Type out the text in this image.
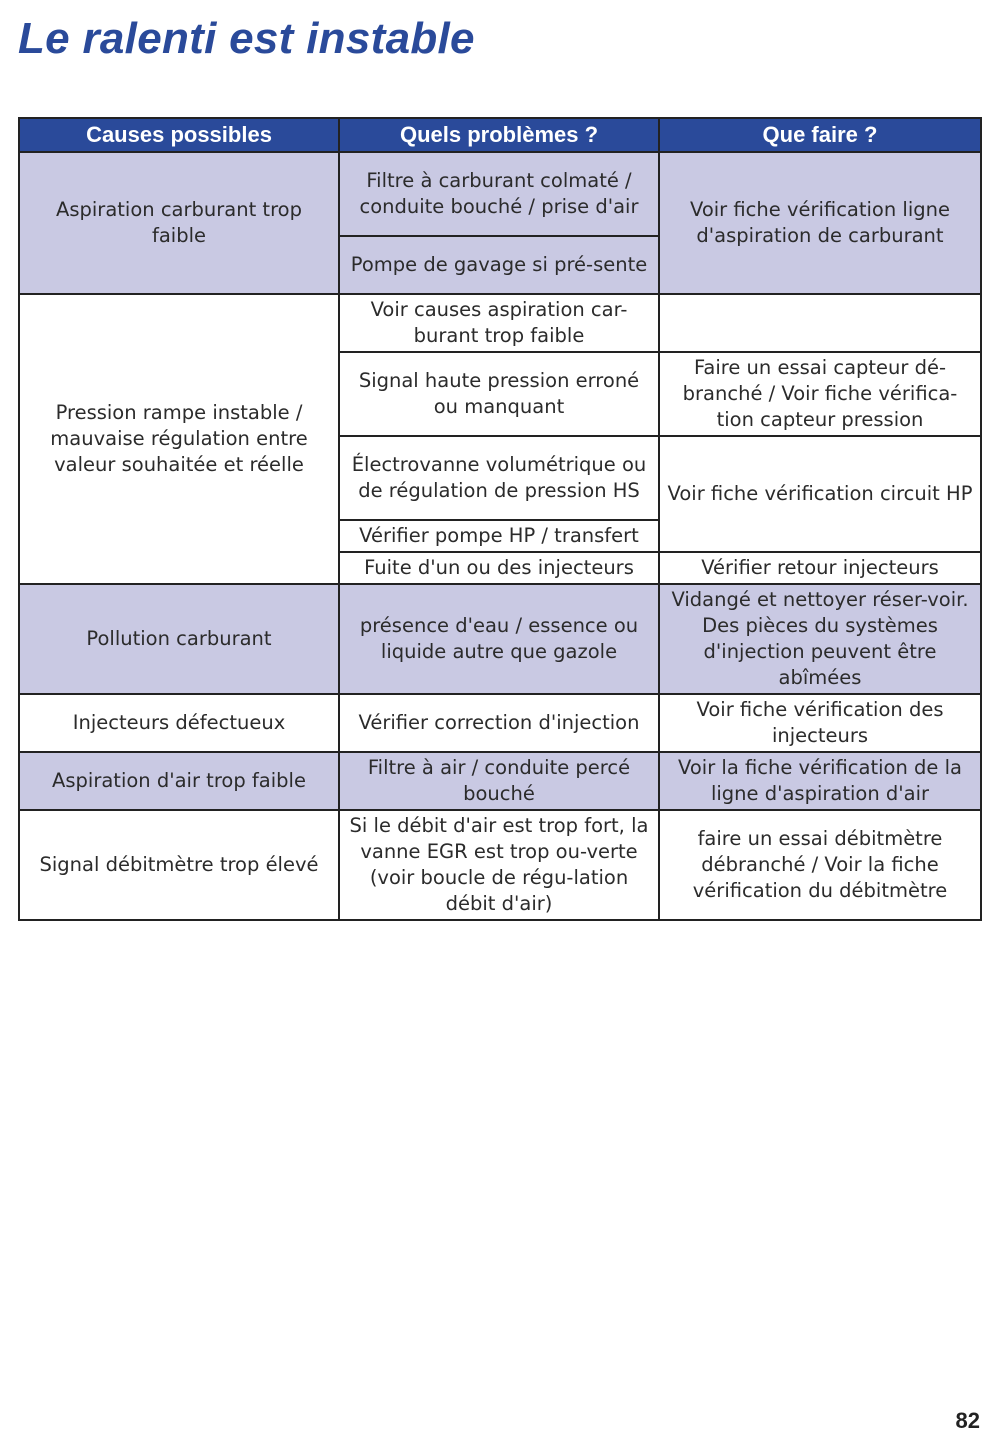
Le ralenti est instable
Causes possibles	Quels problèmes ?	Que faire ?
Aspiration carburant trop faible	Filtre à carburant colmaté / conduite bouché / prise d'air	Voir fiche vérification ligne d'aspiration de carburant
	Pompe de gavage si pré-sente	
Pression rampe instable / mauvaise régulation entre valeur souhaitée et réelle	Voir causes aspiration car-burant trop faible	
	Signal haute pression erroné ou manquant	Faire un essai capteur dé-branché / Voir fiche vérifica-tion capteur pression
	Électrovanne volumétrique ou de régulation de pression HS	Voir fiche vérification circuit HP
	Vérifier pompe HP / transfert	
	Fuite d'un ou des injecteurs	Vérifier retour injecteurs
Pollution carburant	présence d'eau / essence ou liquide autre que gazole	Vidangé et nettoyer réser-voir. Des pièces du systèmes d'injection peuvent être abîmées
Injecteurs défectueux	Vérifier correction d'injection	Voir fiche vérification des injecteurs
Aspiration d'air trop faible	Filtre à air / conduite percé bouché	Voir la fiche vérification de la ligne d'aspiration d'air
Signal débitmètre trop élevé	Si le débit d'air est trop fort, la vanne EGR est trop ou-verte (voir boucle de régu-lation débit d'air)	faire un essai débitmètre débranché / Voir la fiche vérification du débitmètre
82
